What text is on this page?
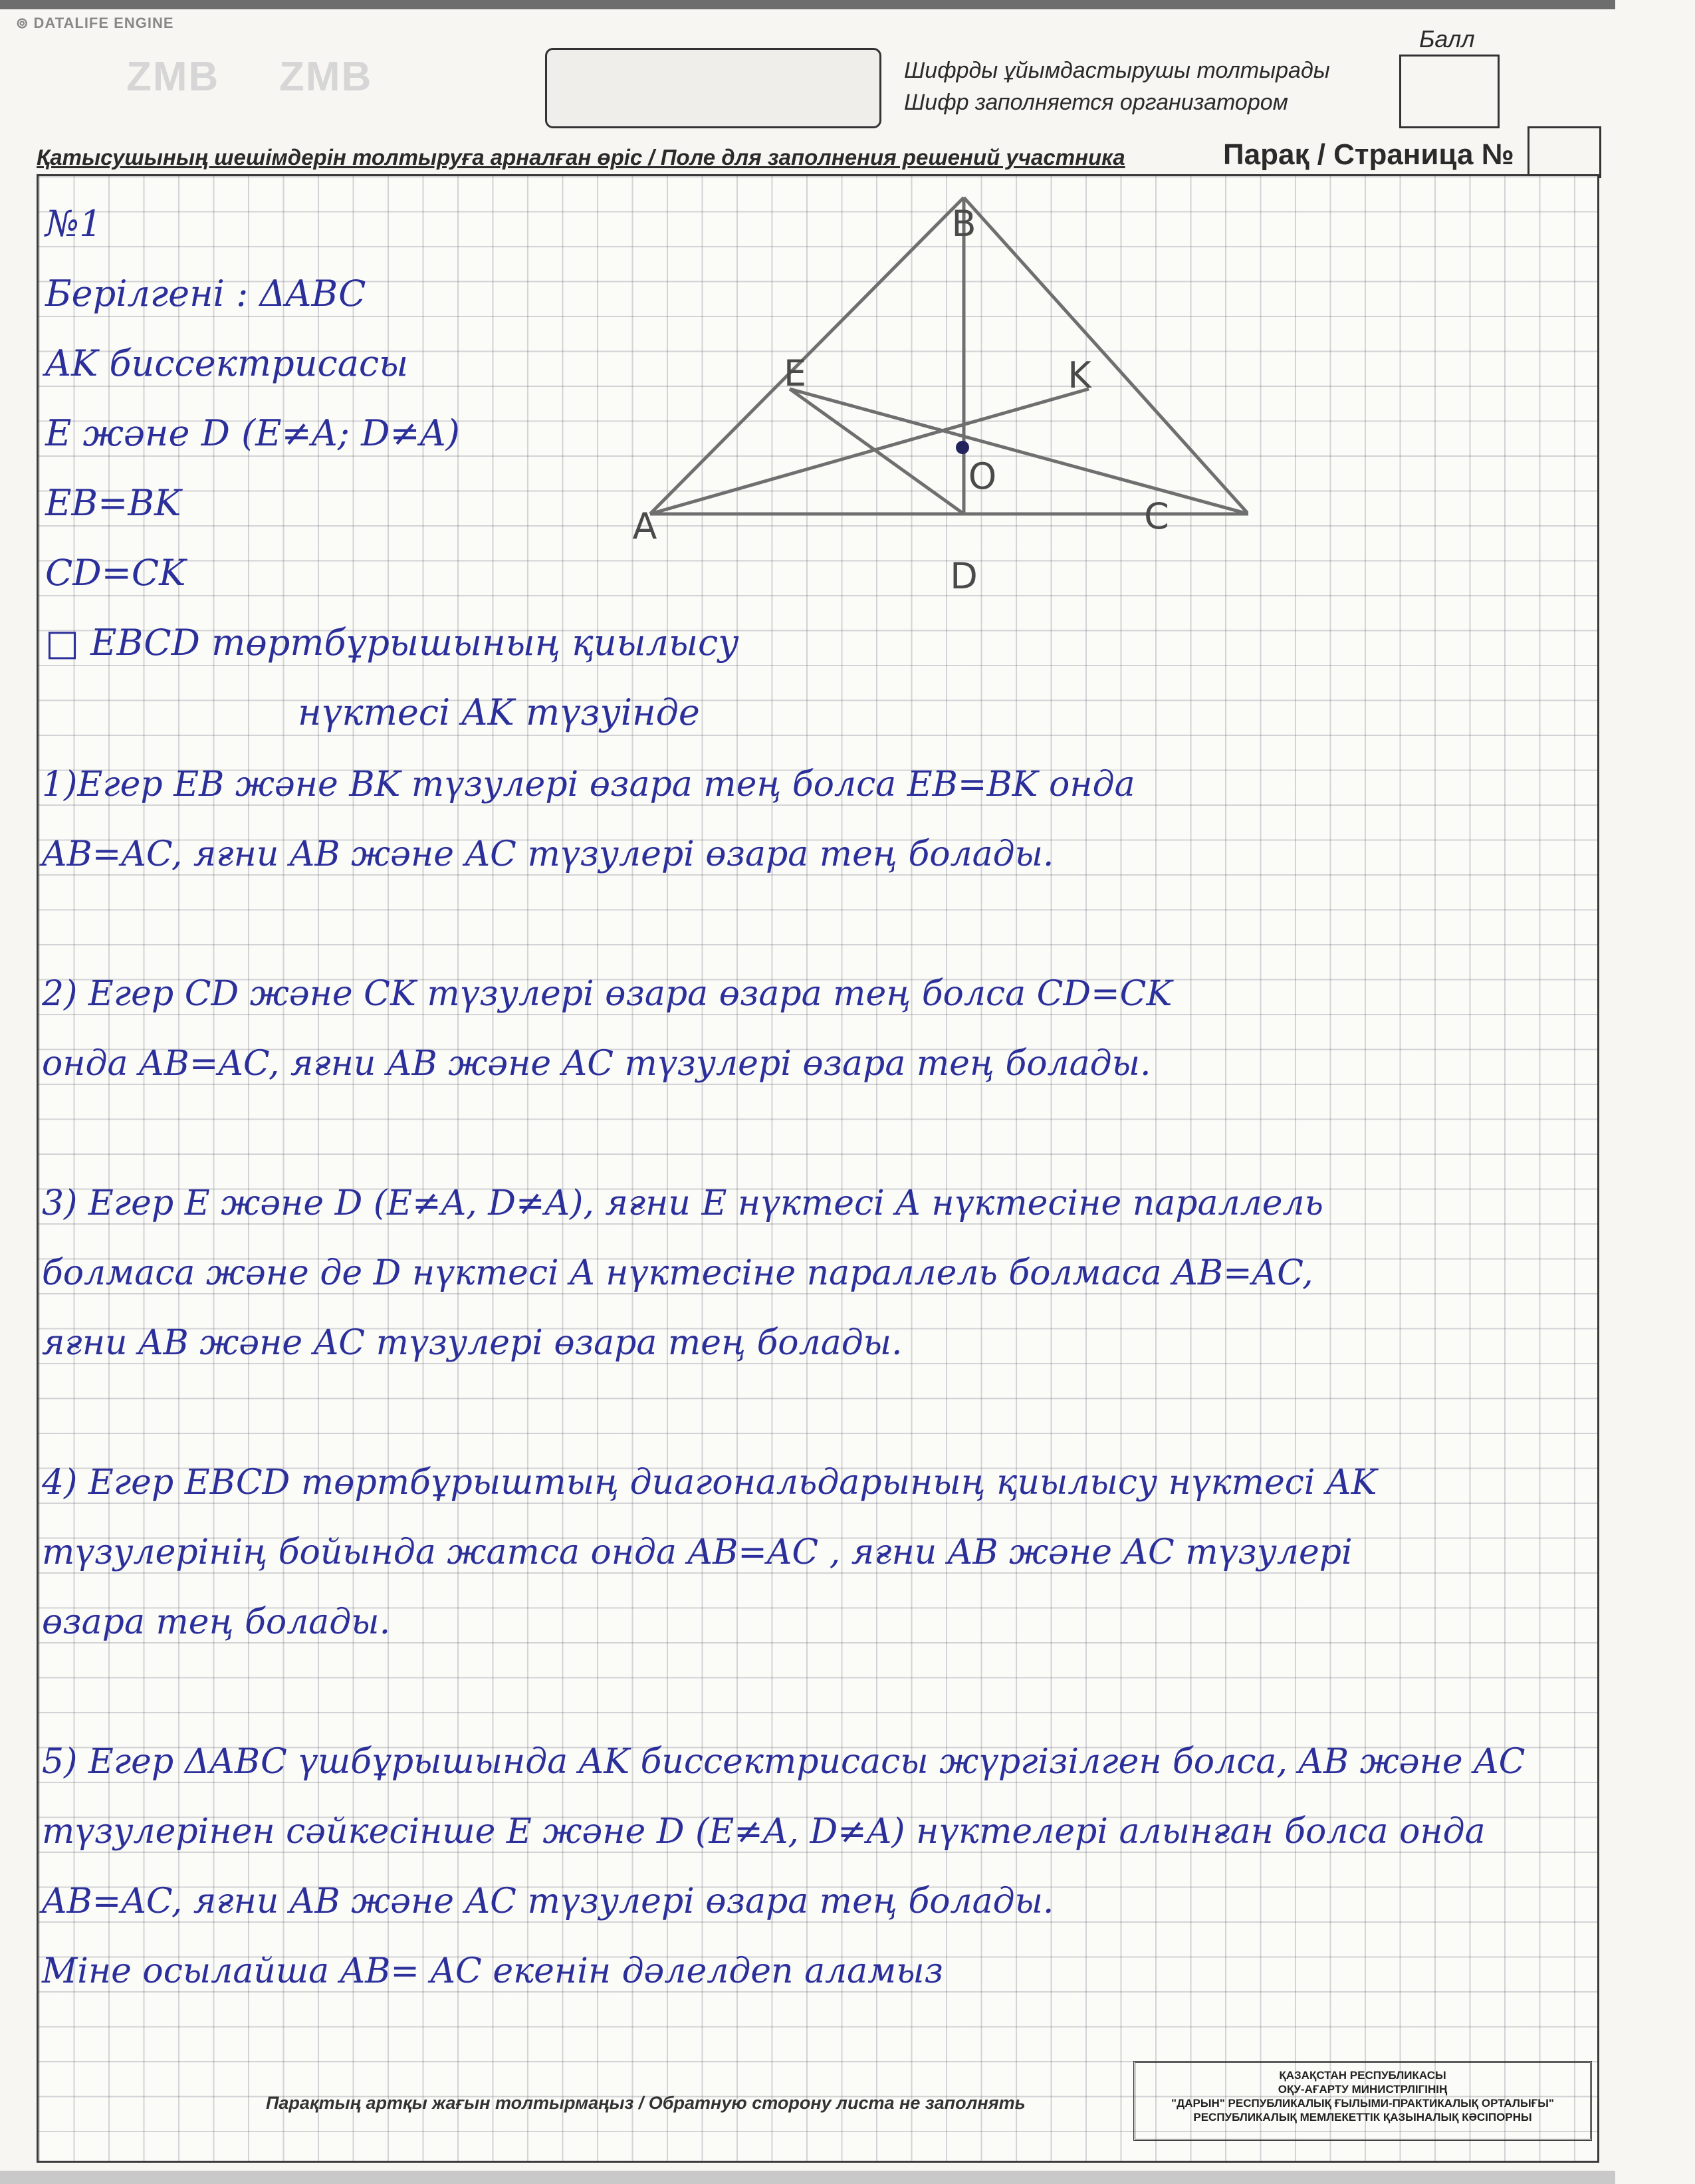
⊚ DATALIFE ENGINE
ZMB ZMB	Шифрды ұйымдастырушы толтырады
Шифр заполняется организатором
Балл
Қатысушының шешімдерін толтыруға арналған өріс / Поле для заполнения решений участника	Парақ / Страница №
№1
Берілгені : ΔABC
AK биссектрисасы
E және D (E≠A; D≠A)
EB=BK
CD=CK
□ EBCD төртбұрышының қиылысу
нүктесі AK түзуінде
B
E	K
O
A	C
D
1)Егер EB және BK түзулері өзара тең болса EB=BK онда
AB=AC, яғни AB және AC түзулері өзара тең болады.
2) Егер CD және CK түзулері өзара өзара тең болса CD=CK
онда AB=AC, яғни AB және AC түзулері өзара тең болады.
3) Егер E және D (E≠A, D≠A), яғни E нүктесі A нүктесіне параллель
болмаса және де D нүктесі A нүктесіне параллель болмаса AB=AC,
яғни AB және AC түзулері өзара тең болады.
4) Егер EBCD төртбұрыштың диагональдарының қиылысу нүктесі AK
түзулерінің бойында жатса онда AB=AC , яғни AB және AC түзулері
өзара тең болады.
5) Егер ΔABC үшбұрышында AK биссектрисасы жүргізілген болса, AB және AC
түзулерінен сәйкесінше E және D (E≠A, D≠A) нүктелері алынған болса онда
AB=AC, яғни AB және AC түзулері өзара тең болады.
Міне осылайша AB= AC екенін дәлелдеп аламыз
Парақтың артқы жағын толтырмаңыз / Обратную сторону листа не заполнять
ҚАЗАҚСТАН РЕСПУБЛИКАСЫ
ОҚУ-АҒАРТУ МИНИСТРЛІГІНІҢ
"ДАРЫН" РЕСПУБЛИКАЛЫҚ ҒЫЛЫМИ-ПРАКТИКАЛЫҚ ОРТАЛЫҒЫ"
РЕСПУБЛИКАЛЫҚ МЕМЛЕКЕТТІК ҚАЗЫНАЛЫҚ КӘСІПОРНЫ
